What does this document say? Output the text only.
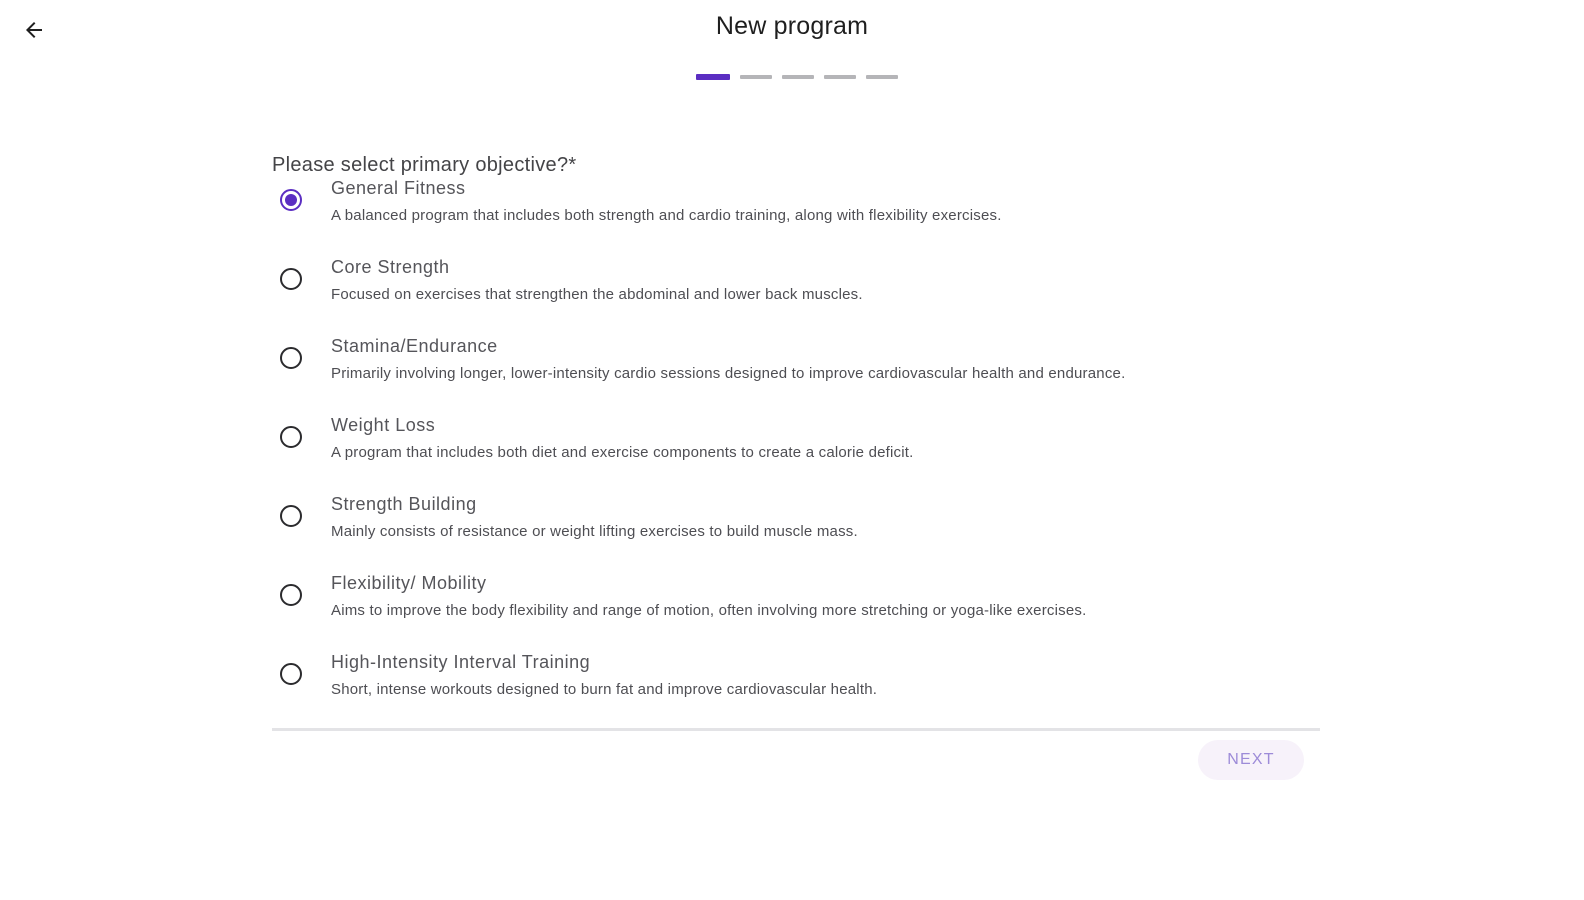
New program
Please select primary objective?*
General Fitness
A balanced program that includes both strength and cardio training, along with flexibility exercises.
Core Strength
Focused on exercises that strengthen the abdominal and lower back muscles.
Stamina/Endurance
Primarily involving longer, lower-intensity cardio sessions designed to improve cardiovascular health and endurance.
Weight Loss
A program that includes both diet and exercise components to create a calorie deficit.
Strength Building
Mainly consists of resistance or weight lifting exercises to build muscle mass.
Flexibility/ Mobility
Aims to improve the body flexibility and range of motion, often involving more stretching or yoga-like exercises.
High-Intensity Interval Training
Short, intense workouts designed to burn fat and improve cardiovascular health.
NEXT
